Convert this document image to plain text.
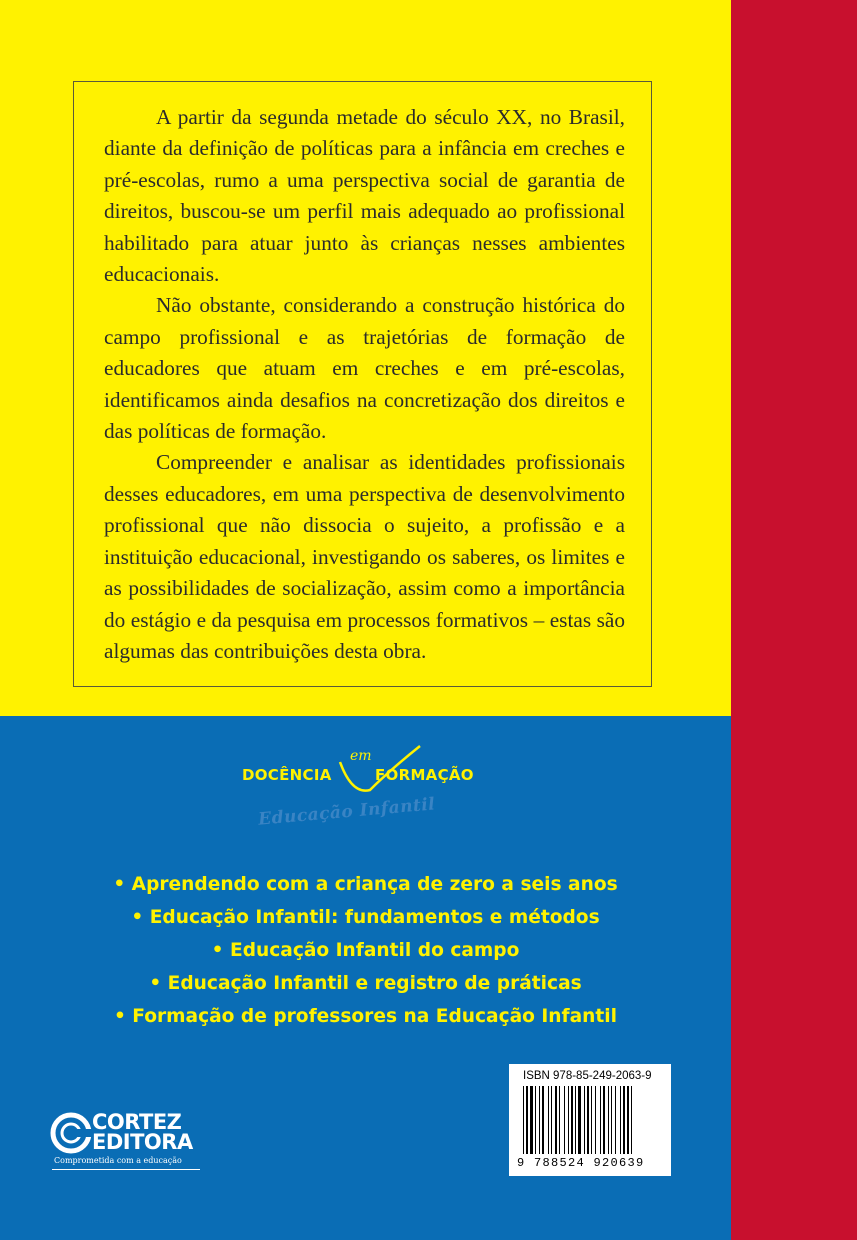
A partir da segunda metade do século XX, no Brasil, diante da definição de políticas para a infância em creches e pré-escolas, rumo a uma perspectiva social de garantia de direitos, buscou-se um perfil mais adequado ao profissional habilitado para atuar junto às crianças nesses ambientes educacionais.

Não obstante, considerando a construção histórica do campo profissional e as trajetórias de formação de educadores que atuam em creches e em pré-escolas, identificamos ainda desafios na concretização dos direitos e das políticas de formação.

Compreender e analisar as identidades profissionais desses educadores, em uma perspectiva de desenvolvimento profissional que não dissocia o sujeito, a profissão e a instituição educacional, investigando os saberes, os limites e as possibilidades de socialização, assim como a importância do estágio e da pesquisa em processos formativos – estas são algumas das contribuições desta obra.

DOCÊNCIA
em
FORMAÇÃO
Educação Infantil
• Aprendendo com a criança de zero a seis anos
• Educação Infantil: fundamentos e métodos
• Educação Infantil do campo
• Educação Infantil e registro de práticas
• Formação de professores na Educação Infantil
ISBN 978-85-249-2063-9
9 788524 920639
CORTEZ
EDITORA
Comprometida com a educação
